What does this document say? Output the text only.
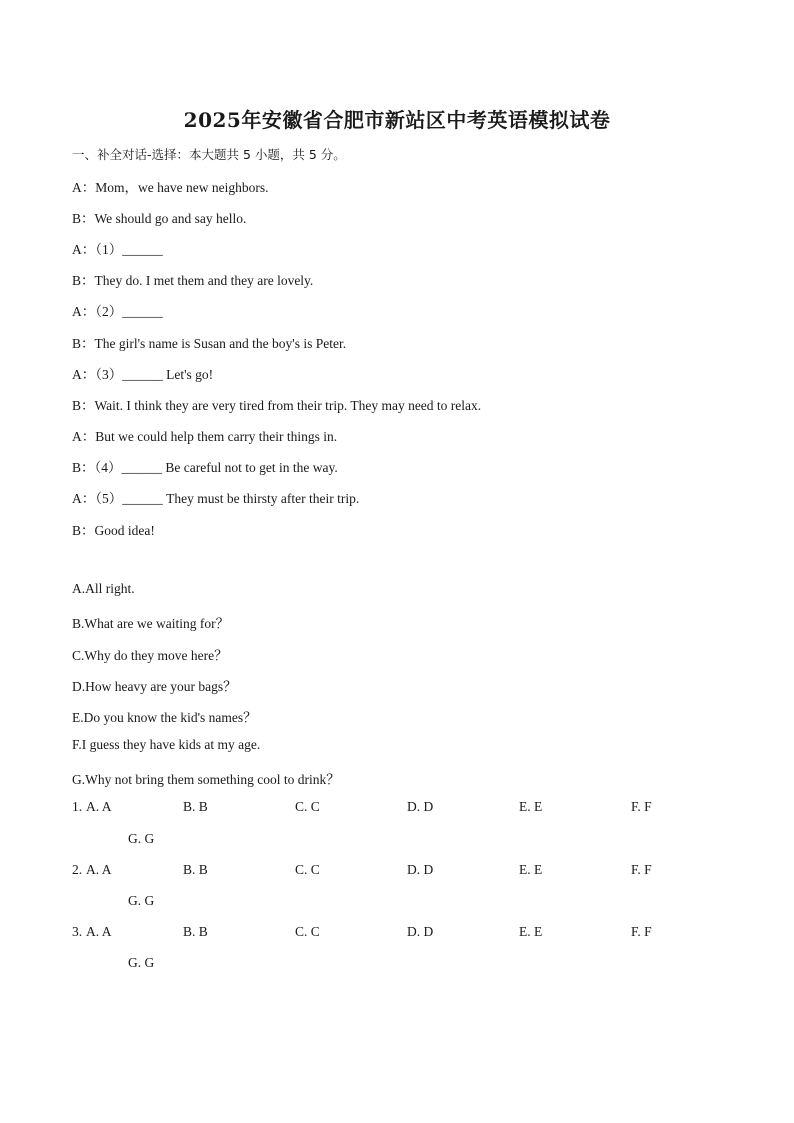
2025年安徽省合肥市新站区中考英语模拟试卷
一、补全对话-选择：本大题共 5 小题，共 5 分。
A：Mom，we have new neighbors.
B：We should go and say hello.
A：（1）______
B：They do. I met them and they are lovely.
A：（2）______
B：The girl's name is Susan and the boy's is Peter.
A：（3）______ Let's go!
B：Wait. I think they are very tired from their trip. They may need to relax.
A：But we could help them carry their things in.
B：（4）______ Be careful not to get in the way.
A：（5）______ They must be thirsty after their trip.
B：Good idea!
A.All right.
B.What are we waiting for？
C.Why do they move here？
D.How heavy are your bags？
E.Do you know the kid's names？
F.I guess they have kids at my age.
G.Why not bring them something cool to drink？
1. A. A	B. B	C. C	D. D	E. E	F. F
G. G
2. A. A	B. B	C. C	D. D	E. E	F. F
G. G
3. A. A	B. B	C. C	D. D	E. E	F. F
G. G
